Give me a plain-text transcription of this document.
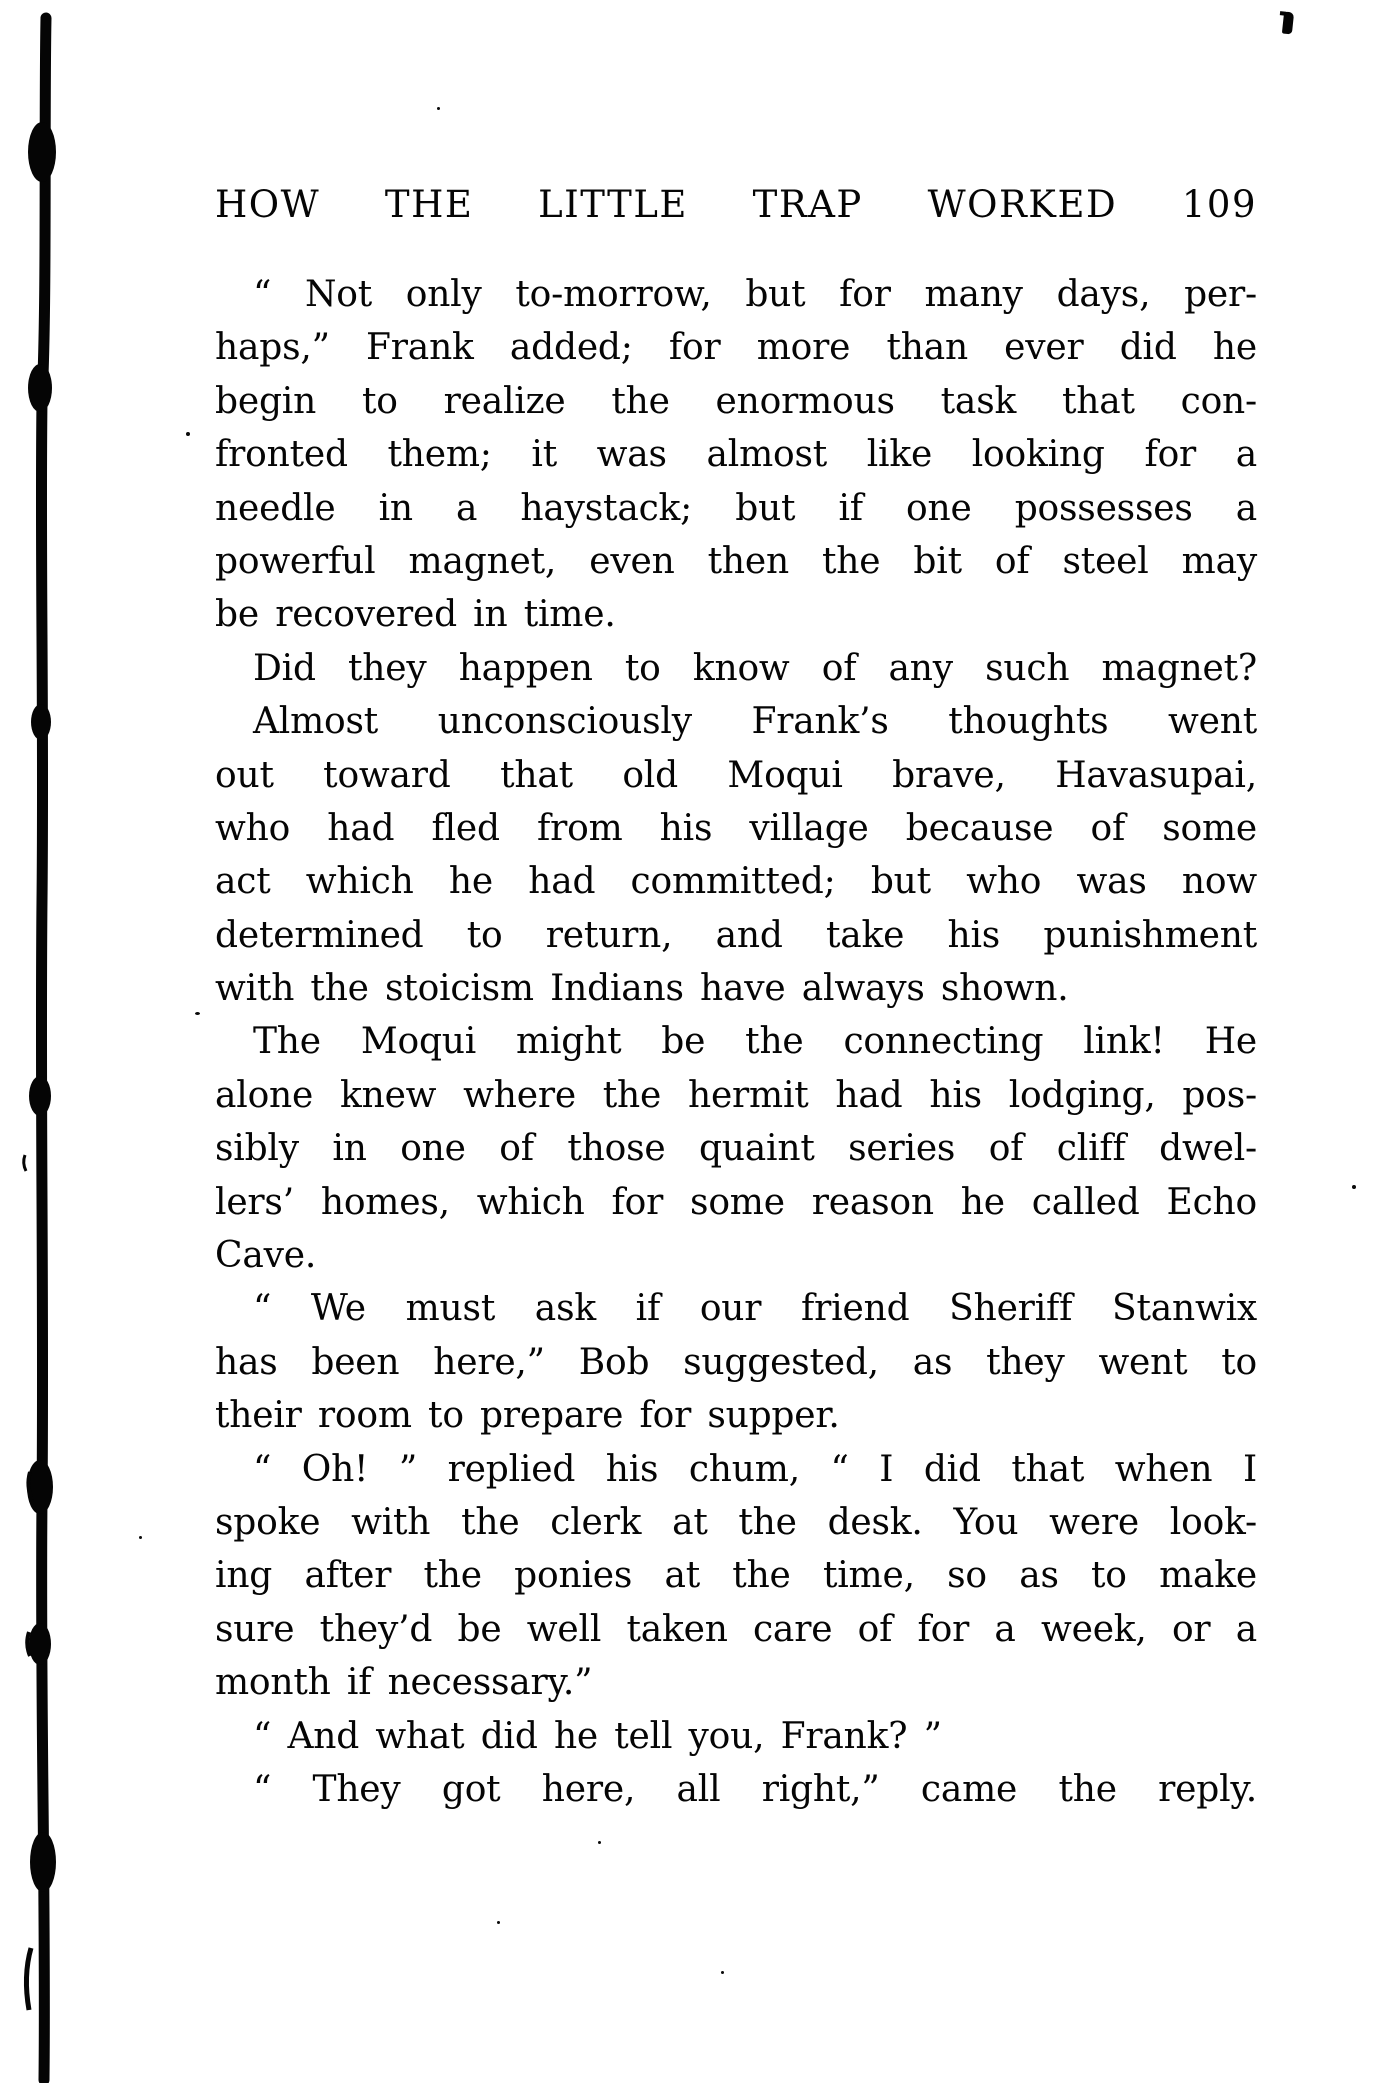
HOW THE LITTLE TRAP WORKED 109
“ Not only to-morrow, but for many days, per-
haps,” Frank added; for more than ever did he
begin to realize the enormous task that con-
fronted them; it was almost like looking for a
needle in a haystack; but if one possesses a
powerful magnet, even then the bit of steel may
be recovered in time.
Did they happen to know of any such magnet?
Almost unconsciously Frank’s thoughts went
out toward that old Moqui brave, Havasupai,
who had fled from his village because of some
act which he had committed; but who was now
determined to return, and take his punishment
with the stoicism Indians have always shown.
The Moqui might be the connecting link! He
alone knew where the hermit had his lodging, pos-
sibly in one of those quaint series of cliff dwel-
lers’ homes, which for some reason he called Echo
Cave.
“ We must ask if our friend Sheriff Stanwix
has been here,” Bob suggested, as they went to
their room to prepare for supper.
“ Oh! ” replied his chum, “ I did that when I
spoke with the clerk at the desk. You were look-
ing after the ponies at the time, so as to make
sure they’d be well taken care of for a week, or a
month if necessary.”
“ And what did he tell you, Frank? ”
“ They got here, all right,” came the reply.
